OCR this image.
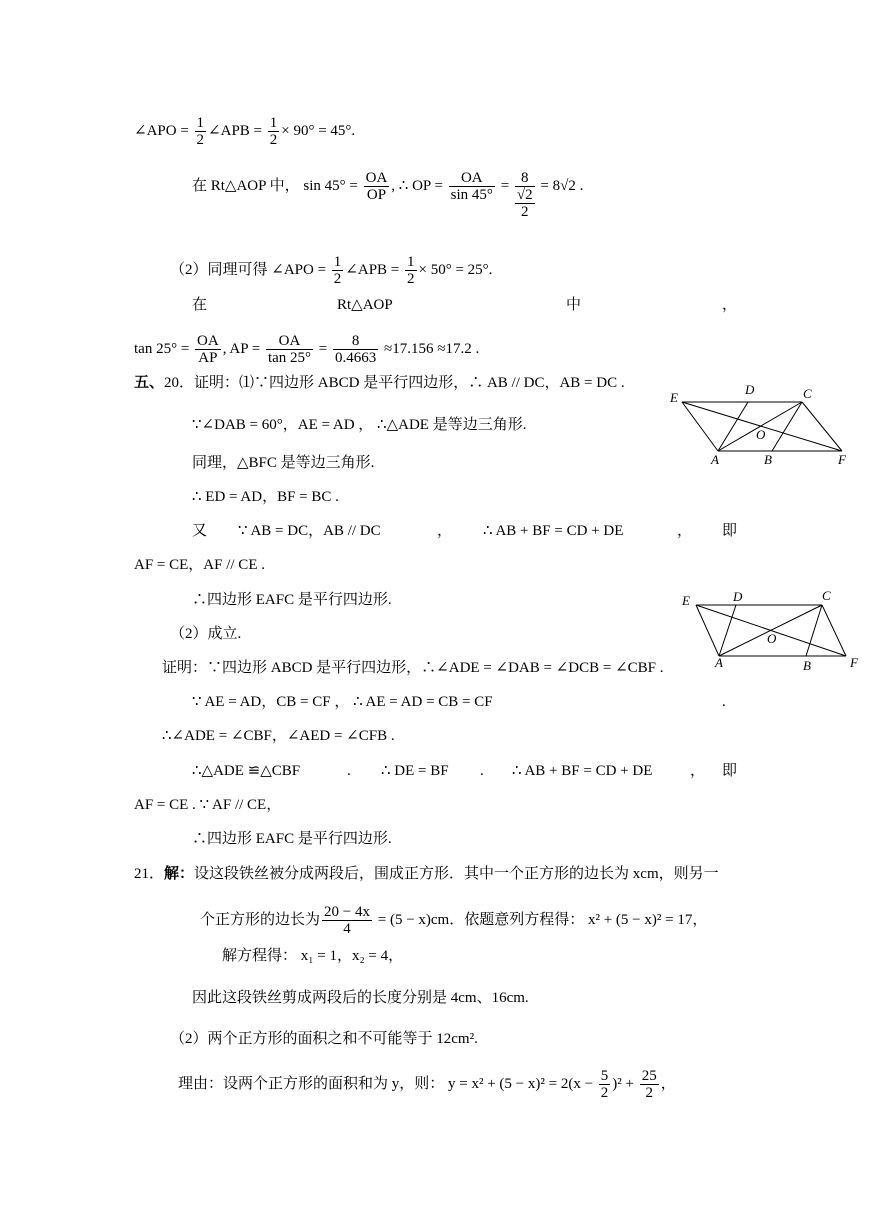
∠APO = $\frac{1}{2}$ ∠APB = $\frac{1}{2} \times 90^\circ = 45^\circ$.
在 Rt△AOP 中， $\sin 45^\circ = \frac{OA}{OP}$ , ∴ OP = $\frac{OA}{\sin 45^\circ} = 8$
√2
2
= 8√2 .
（2）同理可得 ∠APO = $\frac{1}{2}$ ∠APB = $\frac{1}{2} \times 50^\circ = 25^\circ$.
在	Rt△AOP	中	，
$\tan 25^\circ = \frac{OA}{AP}$ , AP = $\frac{OA}{\tan 25^\circ} = \frac{8}{0.4663} \approx 17.156 \approx 17.2$ .
五、20．证明：⑴∵四边形 ABCD 是平行四边形，∴ AB // DC，AB = DC .
∵∠DAB = 60°，AE = AD ， ∴△ADE 是等边三角形.
同理，△BFC 是等边三角形.
∴ ED = AD，BF = BC .
又 ∵ AB = DC，AB // DC	， ∴ AB + BF = CD + DE	， 即
AF = CE，AF // CE .
∴四边形 EAFC 是平行四边形.
（2）成立.
证明：∵四边形 ABCD 是平行四边形，∴∠ADE = ∠DAB = ∠DCB = ∠CBF .
∵ AE = AD，CB = CF ， ∴ AE = AD = CB = CF	.
∴∠ADE = ∠CBF，∠AED = ∠CFB .
∴△ADE ≌△CBF	. ∴ DE = BF . ∴ AB + BF = CD + DE	， 即
AF = CE . ∵ AF // CE，
∴四边形 EAFC 是平行四边形.
21．解：设这段铁丝被分成两段后，围成正方形．其中一个正方形的边长为 xcm，则另一
个正方形的边长为 $\frac{20 - 4x}{4} = (5 - x)cm$．依题意列方程得： x² + (5 − x)² = 17，
解方程得： x₁ = 1，x₂ = 4，
因此这段铁丝剪成两段后的长度分别是 4cm、16cm.
（2）两个正方形的面积之和不可能等于 12cm².
理由：设两个正方形的面积和为 y，则： $y = x^2 + (5 - x)^2 = 2(x - \frac{5}{2} )^2 + \frac{25}{2}$ ，
E
D	C
O
A	B	F
E	D	C
O
A	B	F
